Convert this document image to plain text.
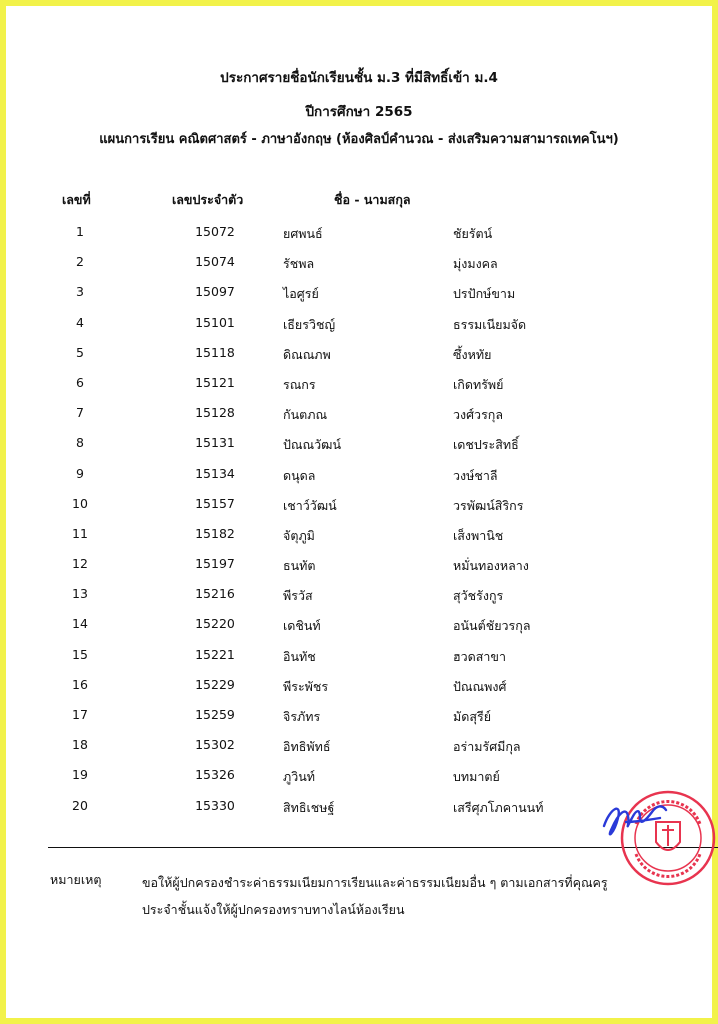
ประกาศรายชื่อนักเรียนชั้น ม.3 ที่มีสิทธิ์เข้า ม.4
ปีการศึกษา 2565
แผนการเรียน คณิตศาสตร์ - ภาษาอังกฤษ (ห้องศิลป์คำนวณ - ส่งเสริมความสามารถเทคโนฯ)
เลขที่	เลขประจำตัว	ชื่อ - นามสกุล
1	15072	ยศพนธ์	ชัยรัตน์
2	15074	รัชพล	มุ่งมงคล
3	15097	ไอศูรย์	ปรปักษ์ขาม
4	15101	เธียรวิชญ์	ธรรมเนียมจัด
5	15118	ดิณณภพ	ซึ้งหทัย
6	15121	รณกร	เกิดทรัพย์
7	15128	กันตภณ	วงศ์วรกุล
8	15131	ปัณณวัฒน์	เดชประสิทธิ์
9	15134	ดนุดล	วงษ์ชาลี
10	15157	เชาว์วัฒน์	วรพัฒน์สิริกร
11	15182	จัตุภูมิ	เส็งพานิช
12	15197	ธนทัต	หมั่นทองหลาง
13	15216	พีรวัส	สุวัชรังกูร
14	15220	เดชินท์	อนันต์ชัยวรกุล
15	15221	อินทัช	ฮวดสาขา
16	15229	พีระพัชร	ปัณณพงศ์
17	15259	จิรภัทร	มัดสุรีย์
18	15302	อิทธิพัทธ์	อร่ามรัศมีกุล
19	15326	ภูวินท์	บทมาตย์
20	15330	สิทธิเชษฐ์	เสรีศุภโภคานนท์
หมายเหตุ	ขอให้ผู้ปกครองชำระค่าธรรมเนียมการเรียนและค่าธรรมเนียมอื่น ๆ ตามเอกสารที่คุณครู
ประจำชั้นแจ้งให้ผู้ปกครองทราบทางไลน์ห้องเรียน
